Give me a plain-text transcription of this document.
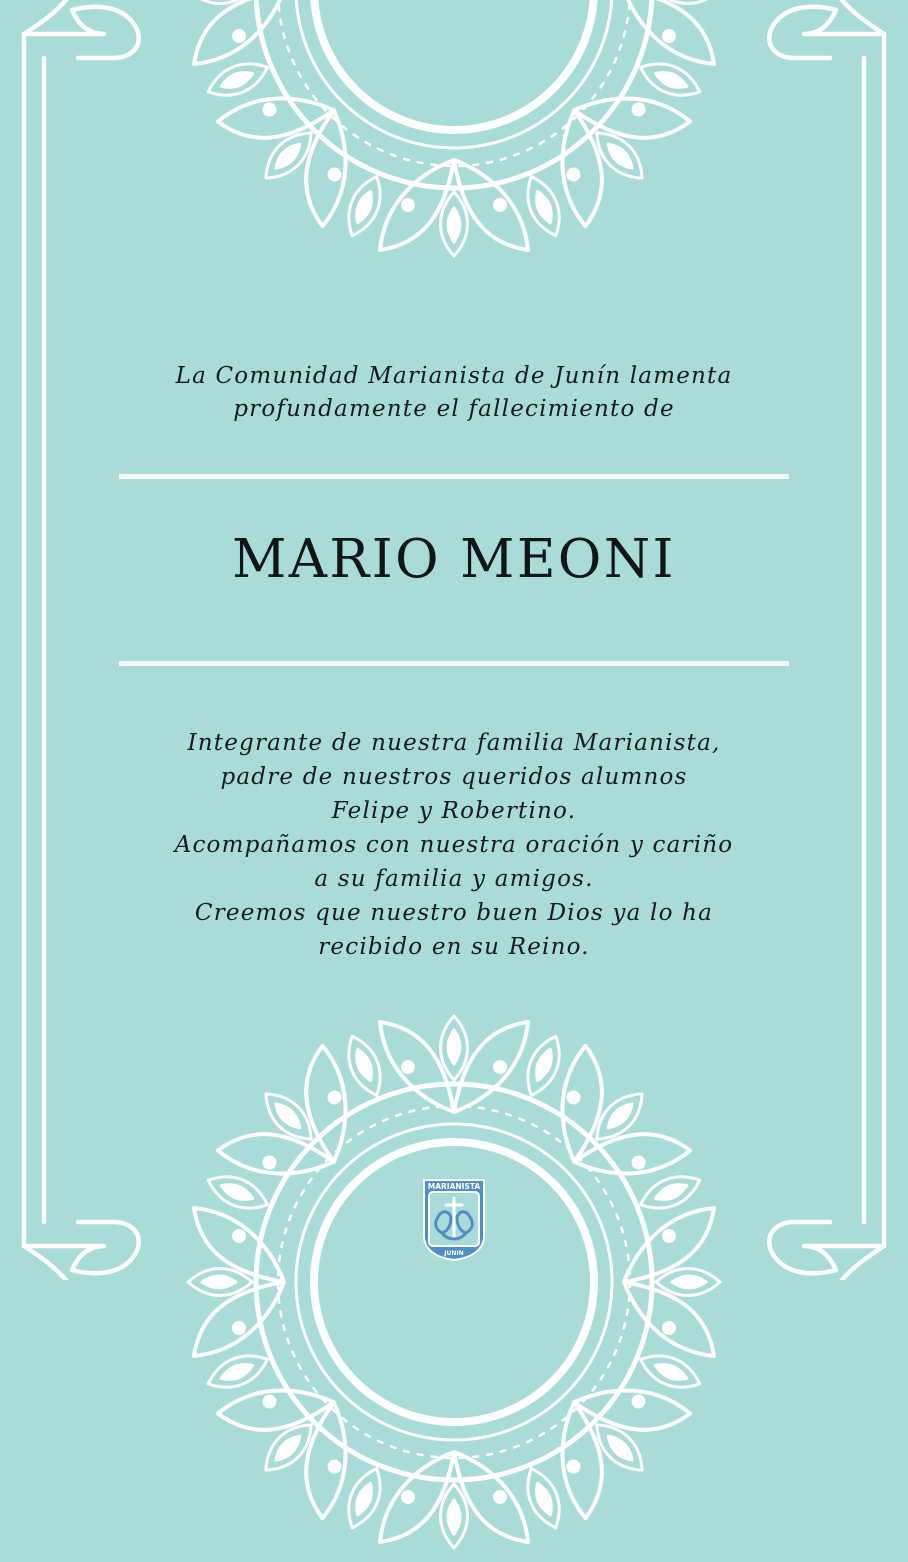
La Comunidad Marianista de Junín lamenta
profundamente el fallecimiento de
MARIO MEONI
Integrante de nuestra familia Marianista,
padre de nuestros queridos alumnos
Felipe y Robertino.
Acompañamos con nuestra oración y cariño
a su familia y amigos.
Creemos que nuestro buen Dios ya lo ha
recibido en su Reino.
MARIANISTA
JUNIN
